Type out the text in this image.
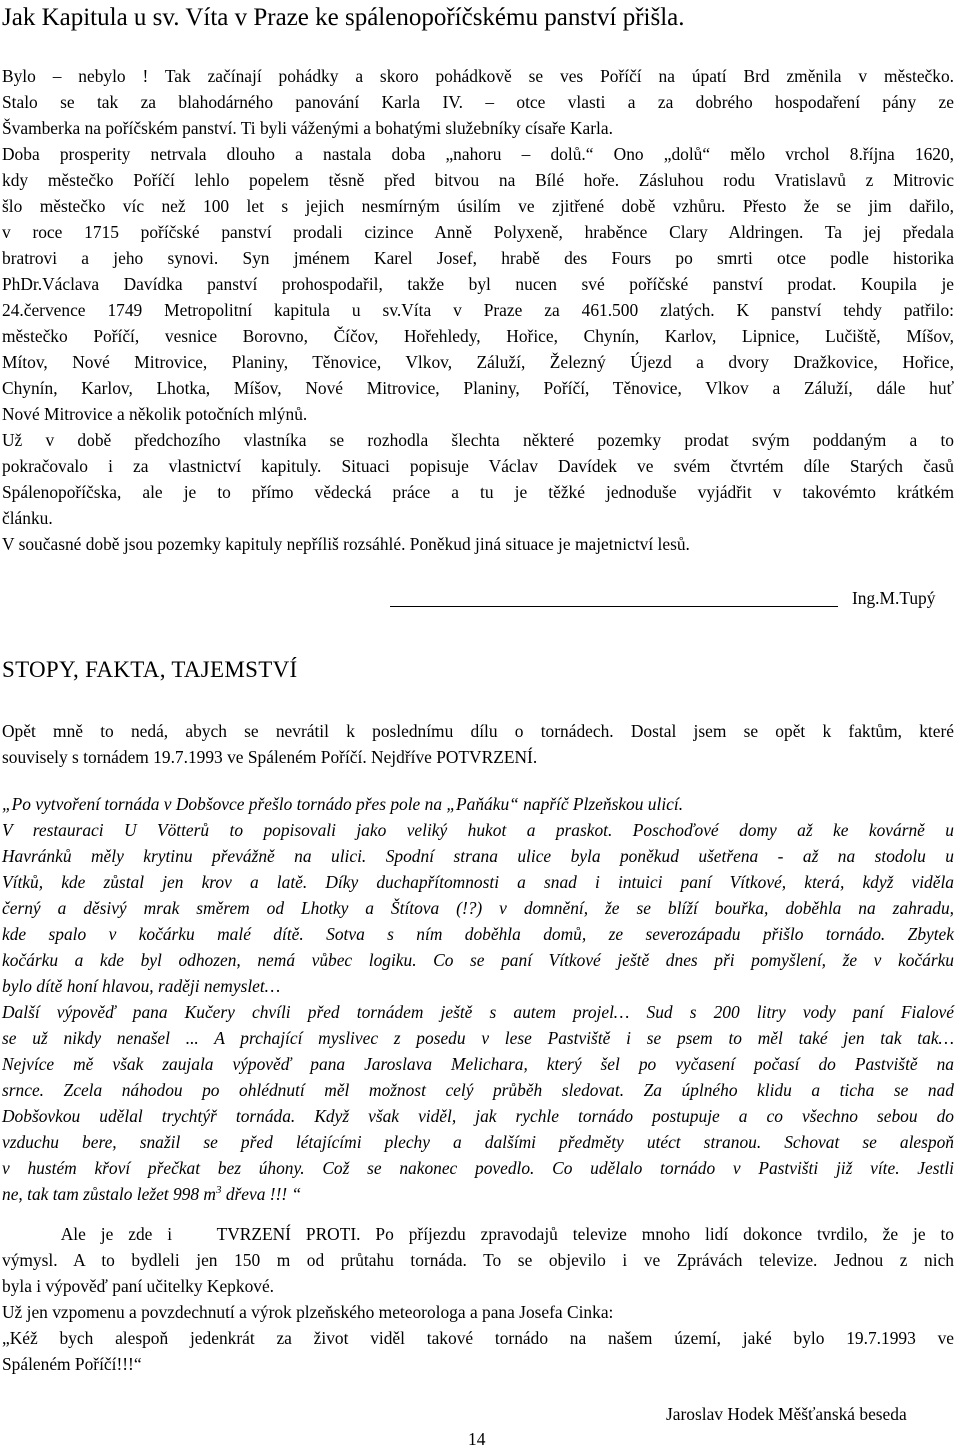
Jak Kapitula u sv. Víta v Praze ke spálenopoříčskému panství přišla.
Bylo – nebylo ! Tak začínají pohádky a skoro pohádkově se ves Poříčí na úpatí Brd změnila v městečko.
Stalo se tak za blahodárného panování Karla IV. – otce vlasti a za dobrého hospodaření pány ze
Švamberka na poříčském panství. Ti byli váženými a bohatými služebníky císaře Karla.
Doba prosperity netrvala dlouho a nastala doba „nahoru – dolů.“ Ono „dolů“ mělo vrchol 8.října 1620,
kdy městečko Poříčí lehlo popelem těsně před bitvou na Bílé hoře. Zásluhou rodu Vratislavů z Mitrovic
šlo městečko víc než 100 let s jejich nesmírným úsilím ve zjitřené době vzhůru. Přesto že se jim dařilo,
v roce 1715 poříčské panství prodali cizince Anně Polyxeně, hraběnce Clary Aldringen. Ta jej předala
bratrovi a jeho synovi. Syn jménem Karel Josef, hrabě des Fours po smrti otce podle historika
PhDr.Václava Davídka panství prohospodařil, takže byl nucen své poříčské panství prodat. Koupila je
24.července 1749 Metropolitní kapitula u sv.Víta v Praze za 461.500 zlatých. K panství tehdy patřilo:
městečko Poříčí, vesnice Borovno, Číčov, Hořehledy, Hořice, Chynín, Karlov, Lipnice, Lučiště, Míšov,
Mítov, Nové Mitrovice, Planiny, Těnovice, Vlkov, Záluží, Železný Újezd a dvory Dražkovice, Hořice,
Chynín, Karlov, Lhotka, Míšov, Nové Mitrovice, Planiny, Poříčí, Těnovice, Vlkov a Záluží, dále huť
Nové Mitrovice a několik potočních mlýnů.
Už v době předchozího vlastníka se rozhodla šlechta některé pozemky prodat svým poddaným a to
pokračovalo i za vlastnictví kapituly. Situaci popisuje Václav Davídek ve svém čtvrtém díle Starých časů
Spálenopoříčska, ale je to přímo vědecká práce a tu je těžké jednoduše vyjádřit v takovémto krátkém
článku.
V současné době jsou pozemky kapituly nepříliš rozsáhlé. Poněkud jiná situace je majetnictví lesů.
Ing.M.Tupý
STOPY, FAKTA, TAJEMSTVÍ
Opět mně to nedá, abych se nevrátil k poslednímu dílu o tornádech. Dostal jsem se opět k faktům, které
souvisely s tornádem 19.7.1993 ve Spáleném Poříčí. Nejdříve POTVRZENÍ.
„Po vytvoření tornáda v Dobšovce přešlo tornádo přes pole na „Paňáku“ napříč Plzeňskou ulicí.
V restauraci U Vötterů to popisovali jako veliký hukot a praskot. Poschoďové domy až ke kovárně u
Havránků měly krytinu převážně na ulici. Spodní strana ulice byla poněkud ušetřena - až na stodolu u
Vítků, kde zůstal jen krov a latě. Díky duchapřítomnosti a snad i intuici paní Vítkové, která, když viděla
černý a děsivý mrak směrem od Lhotky a Štítova (!?) v domnění, že se blíží bouřka, doběhla na zahradu,
kde spalo v kočárku malé dítě. Sotva s ním doběhla domů, ze severozápadu přišlo tornádo. Zbytek
kočárku a kde byl odhozen, nemá vůbec logiku. Co se paní Vítkové ještě dnes při pomyšlení, že v kočárku
bylo dítě honí hlavou, raději nemyslet…
Další výpověď pana Kučery chvíli před tornádem ještě s autem projel… Sud s 200 litry vody paní Fialové
se už nikdy nenašel ... A prchající myslivec z posedu v lese Pastviště i se psem to měl také jen tak tak…
Nejvíce mě však zaujala výpověď pana Jaroslava Melichara, který šel po vyčasení počasí do Pastviště na
srnce. Zcela náhodou po ohlédnutí měl možnost celý průběh sledovat. Za úplného klidu a ticha se nad
Dobšovkou udělal trychtýř tornáda. Když však viděl, jak rychle tornádo postupuje a co všechno sebou do
vzduchu bere, snažil se před létajícími plechy a dalšími předměty utéct stranou. Schovat se alespoň
v hustém křoví přečkat bez úhony. Což se nakonec povedlo. Co udělalo tornádo v Pastvišti již víte. Jestli
ne, tak tam zůstalo ležet 998 $m^3$ dřeva !!! “
Ale je zde i   TVRZENÍ PROTI. Po příjezdu zpravodajů televize mnoho lidí dokonce tvrdilo, že je to
výmysl. A to bydleli jen 150 m od průtahu tornáda. To se objevilo i ve Zprávách televize. Jednou z nich
byla i výpověď paní učitelky Kepkové.
Už jen vzpomenu a povzdechnutí a výrok plzeňského meteorologa a pana Josefa Cinka:
„Kéž bych alespoň jedenkrát za život viděl takové tornádo na našem území, jaké bylo 19.7.1993 ve
Spáleném Poříčí!!!“
Jaroslav Hodek Měšťanská beseda
14
